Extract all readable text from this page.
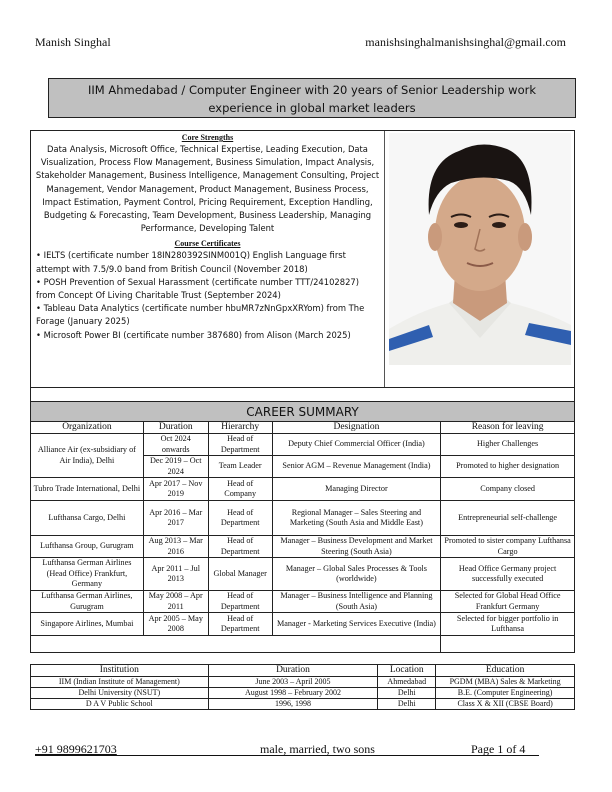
Manish Singhal	manishsinghalmanishsinghal@gmail.com
IIM Ahmedabad / Computer Engineer with 20 years of Senior Leadership work
experience in global market leaders
Core Strengths
Data Analysis, Microsoft Office, Technical Expertise, Leading Execution, Data Visualization, Process Flow Management, Business Simulation, Impact Analysis, Stakeholder Management, Business Intelligence, Management Consulting, Project Management, Vendor Management, Product Management, Business Process, Impact Estimation, Payment Control, Pricing Requirement, Exception Handling, Budgeting & Forecasting, Team Development, Business Leadership, Managing Performance, Developing Talent
Course Certificates
• IELTS (certificate number 18IN280392SINM001Q) English Language first attempt with 7.5/9.0 band from British Council (November 2018)
• POSH Prevention of Sexual Harassment (certificate number TTT/24102827) from Concept Of Living Charitable Trust (September 2024)
• Tableau Data Analytics (certificate number hbuMR7zNnGpxXRYom) from The Forage (January 2025)
• Microsoft Power BI (certificate number 387680) from Alison (March 2025)
CAREER SUMMARY
Organization	Duration	Hierarchy	Designation	Reason for leaving
Alliance Air (ex-subsidiary of Air India), Delhi	Oct 2024 onwards	Head of Department	Deputy Chief Commercial Officer (India)	Higher Challenges
	Dec 2019 – Oct 2024	Team Leader	Senior AGM – Revenue Management (India)	Promoted to higher designation
Tubro Trade International, Delhi	Apr 2017 – Nov 2019	Head of Company	Managing Director	Company closed
Lufthansa Cargo, Delhi	Apr 2016 – Mar 2017	Head of Department	Regional Manager – Sales Steering and Marketing (South Asia and Middle East)	Entrepreneurial self-challenge
Lufthansa Group, Gurugram	Aug 2013 – Mar 2016	Head of Department	Manager – Business Development and Market Steering (South Asia)	Promoted to sister company Lufthansa Cargo
Lufthansa German Airlines (Head Office) Frankfurt, Germany	Apr 2011 – Jul 2013	Global Manager	Manager – Global Sales Processes & Tools (worldwide)	Head Office Germany project successfully executed
Lufthansa German Airlines, Gurugram	May 2008 – Apr 2011	Head of Department	Manager – Business Intelligence and Planning (South Asia)	Selected for Global Head Office Frankfurt Germany
Singapore Airlines, Mumbai	Apr 2005 – May 2008	Head of Department	Manager - Marketing Services Executive (India)	Selected for bigger portfolio in Lufthansa

Institution	Duration	Location	Education
IIM (Indian Institute of Management)	June 2003 – April 2005	Ahmedabad	PGDM (MBA) Sales & Marketing
Delhi University (NSUT)	August 1998 – February 2002	Delhi	B.E. (Computer Engineering)
D A V Public School	1996, 1998	Delhi	Class X & XII (CBSE Board)
+91 9899621703	male, married, two sons	Page 1 of 4
